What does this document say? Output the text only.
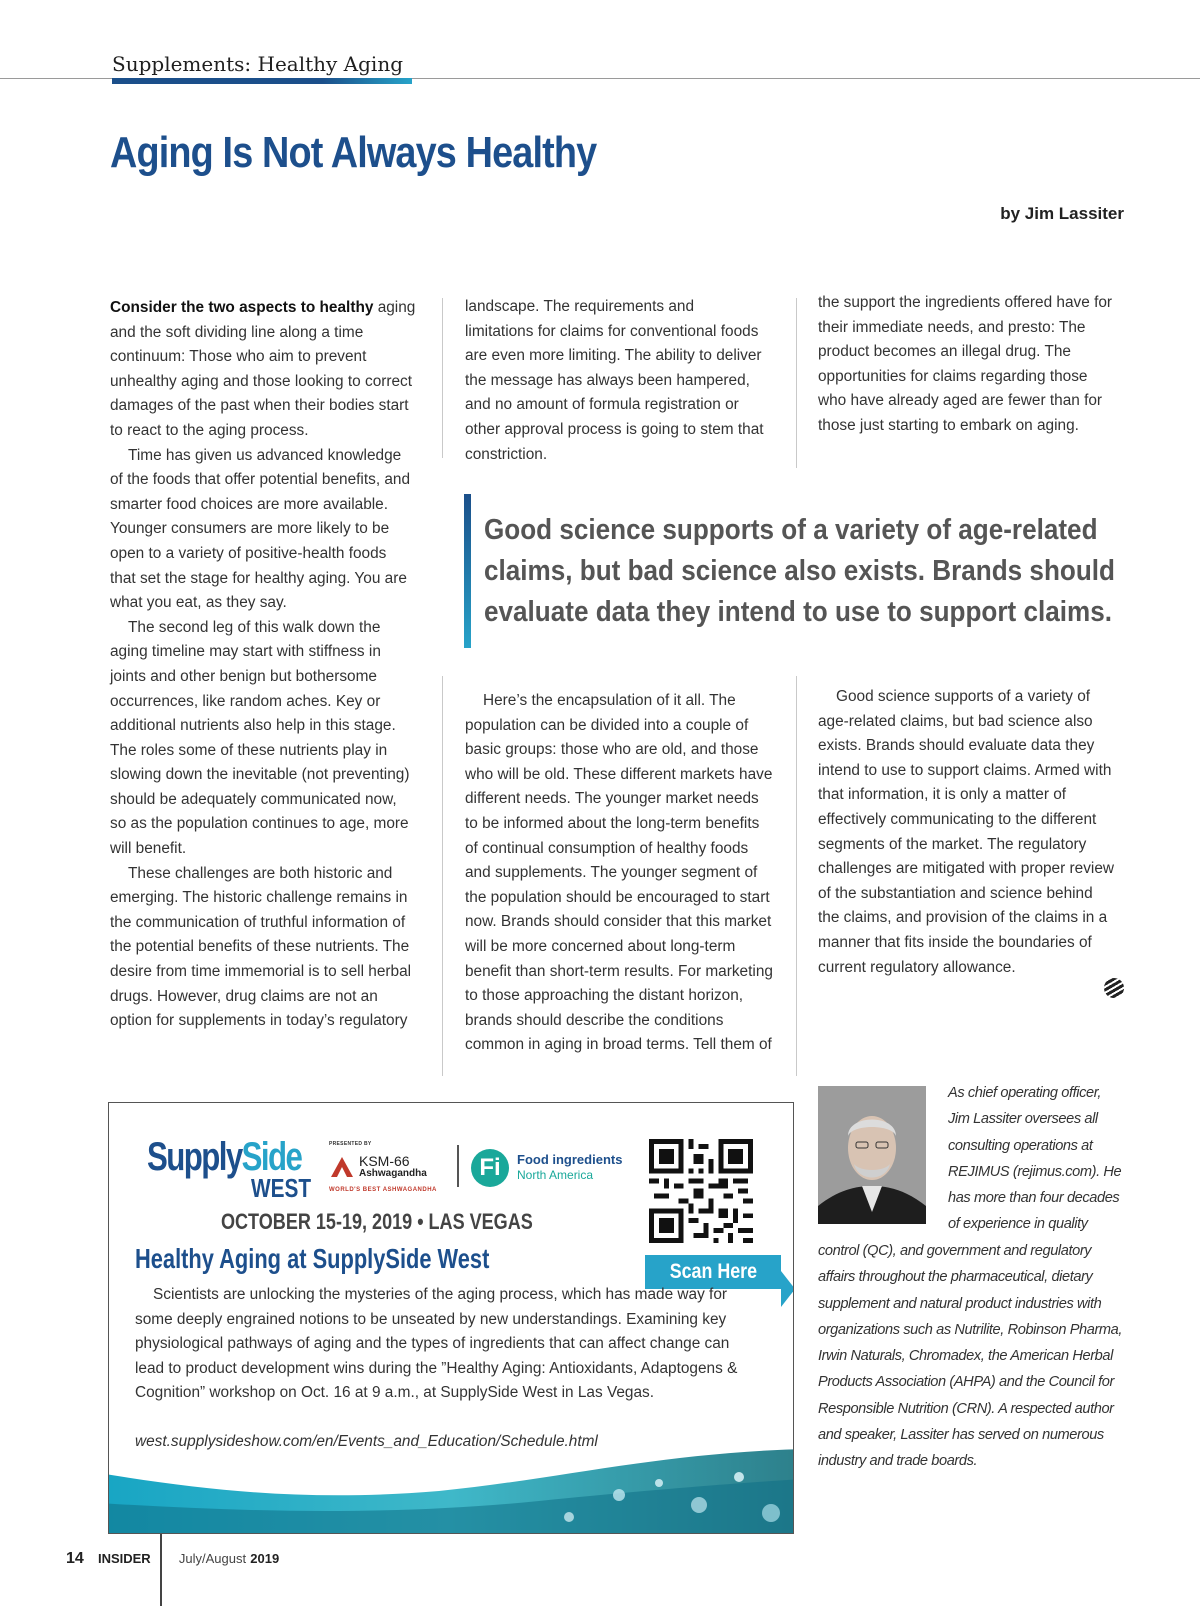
Supplements: Healthy Aging
Aging Is Not Always Healthy
by Jim Lassiter

Consider the two aspects to healthy aging and the soft dividing line along a time continuum: Those who aim to prevent unhealthy aging and those looking to correct damages of the past when their bodies start to react to the aging process.

Time has given us advanced knowledge of the foods that offer potential benefits, and smarter food choices are more available. Younger consumers are more likely to be open to a variety of positive-health foods that set the stage for healthy aging. You are what you eat, as they say.

The second leg of this walk down the aging timeline may start with stiffness in joints and other benign but bothersome occurrences, like random aches. Key or additional nutrients also help in this stage. The roles some of these nutrients play in slowing down the inevitable (not preventing) should be adequately communicated now, so as the population continues to age, more will benefit.

These challenges are both historic and emerging. The historic challenge remains in the communication of truthful information of the potential benefits of these nutrients. The desire from time immemorial is to sell herbal drugs. However, drug claims are not an option for supplements in today’s regulatory

landscape. The requirements and limitations for claims for conventional foods are even more limiting. The ability to deliver the message has always been hampered, and no amount of formula registration or other approval process is going to stem that constriction.

the support the ingredients offered have for their immediate needs, and presto: The product becomes an illegal drug. The opportunities for claims regarding those who have already aged are fewer than for those just starting to embark on aging.

Good science supports of a variety of age-related
claims, but bad science also exists. Brands should
evaluate data they intend to use to support claims.

Here’s the encapsulation of it all. The population can be divided into a couple of basic groups: those who are old, and those who will be old. These different markets have different needs. The younger market needs to be informed about the long-term benefits of continual consumption of healthy foods and supplements. The younger segment of the population should be encouraged to start now. Brands should consider that this market will be more concerned about long-term benefit than short-term results. For marketing to those approaching the distant horizon, brands should describe the conditions common in aging in broad terms. Tell them of

Good science supports of a variety of age-related claims, but bad science also exists. Brands should evaluate data they intend to use to support claims. Armed with that information, it is only a matter of effectively communicating to the different segments of the market. The regulatory challenges are mitigated with proper review of the substantiation and science behind the claims, and provision of the claims in a manner that fits inside the boundaries of current regulatory allowance.

SupplySide
WEST
PRESENTED BY
KSM-66
Ashwagandha
WORLD'S BEST ASHWAGANDHA
Fi	Food ingredients
North America
Scan Here
OCTOBER 15-19, 2019 • LAS VEGAS
Healthy Aging at SupplySide West

Scientists are unlocking the mysteries of the aging process, which has made way for some deeply engrained notions to be unseated by new understandings. Examining key physiological pathways of aging and the types of ingredients that can affect change can lead to product development wins during the ”Healthy Aging: Antioxidants, Adaptogens & Cognition” workshop on Oct. 16 at 9 a.m., at SupplySide West in Las Vegas.

west.supplysideshow.com/en/Events_and_Education/Schedule.html
As chief operating officer,
Jim Lassiter oversees all
consulting operations at
REJIMUS (rejimus.com). He
has more than four decades
of experience in quality
control (QC), and government and regulatory
affairs throughout the pharmaceutical, dietary
supplement and natural product industries with
organizations such as Nutrilite, Robinson Pharma,
Irwin Naturals, Chromadex, the American Herbal
Products Association (AHPA) and the Council for
Responsible Nutrition (CRN). A respected author
and speaker, Lassiter has served on numerous
industry and trade boards.
14 INSIDER July/August 2019
